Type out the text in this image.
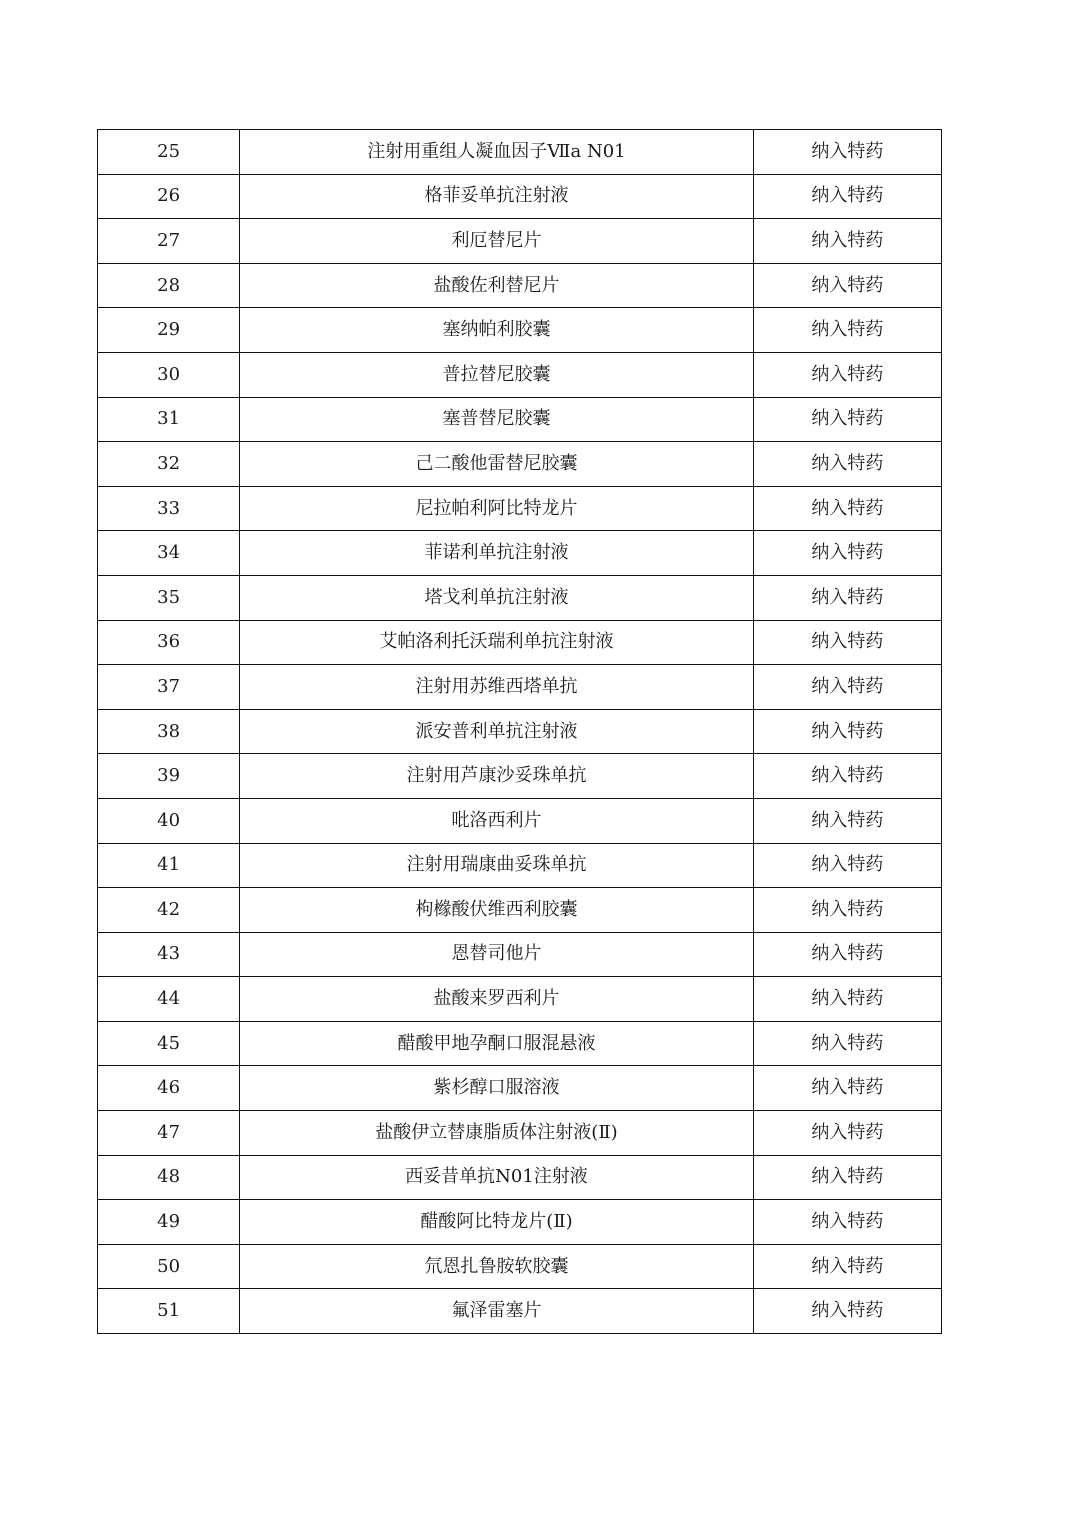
25	注射用重组人凝血因子Ⅶa N01	纳入特药
26	格菲妥单抗注射液	纳入特药
27	利厄替尼片	纳入特药
28	盐酸佐利替尼片	纳入特药
29	塞纳帕利胶囊	纳入特药
30	普拉替尼胶囊	纳入特药
31	塞普替尼胶囊	纳入特药
32	己二酸他雷替尼胶囊	纳入特药
33	尼拉帕利阿比特龙片	纳入特药
34	菲诺利单抗注射液	纳入特药
35	塔戈利单抗注射液	纳入特药
36	艾帕洛利托沃瑞利单抗注射液	纳入特药
37	注射用苏维西塔单抗	纳入特药
38	派安普利单抗注射液	纳入特药
39	注射用芦康沙妥珠单抗	纳入特药
40	吡洛西利片	纳入特药
41	注射用瑞康曲妥珠单抗	纳入特药
42	枸橼酸伏维西利胶囊	纳入特药
43	恩替司他片	纳入特药
44	盐酸来罗西利片	纳入特药
45	醋酸甲地孕酮口服混悬液	纳入特药
46	紫杉醇口服溶液	纳入特药
47	盐酸伊立替康脂质体注射液(Ⅱ)	纳入特药
48	西妥昔单抗N01注射液	纳入特药
49	醋酸阿比特龙片(Ⅱ)	纳入特药
50	氘恩扎鲁胺软胶囊	纳入特药
51	氟泽雷塞片	纳入特药
